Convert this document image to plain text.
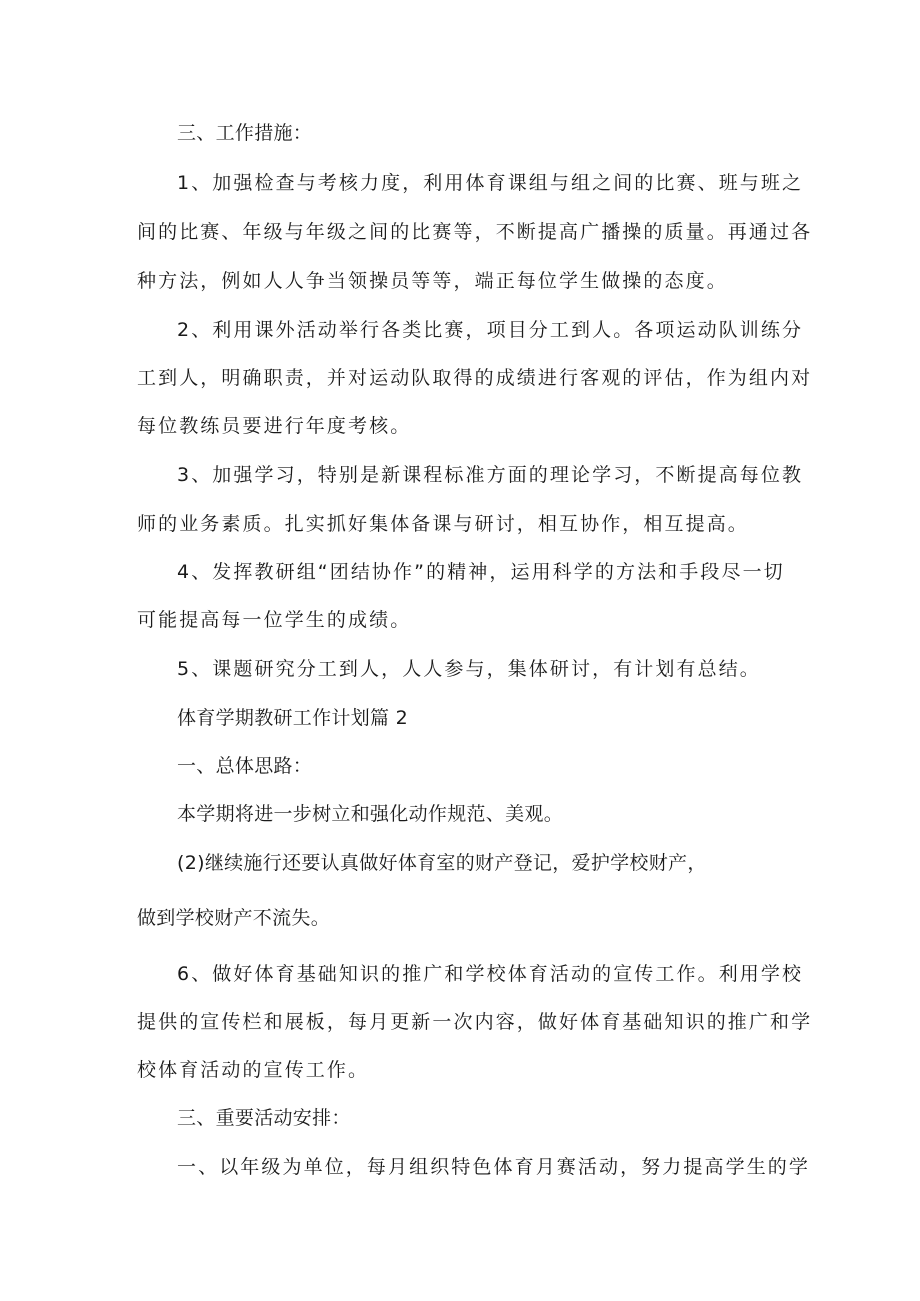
三、工作措施：
1、加强检查与考核力度，利用体育课组与组之间的比赛、班与班之
间的比赛、年级与年级之间的比赛等，不断提高广播操的质量。再通过各
种方法，例如人人争当领操员等等，端正每位学生做操的态度。
2、利用课外活动举行各类比赛，项目分工到人。各项运动队训练分
工到人，明确职责，并对运动队取得的成绩进行客观的评估，作为组内对
每位教练员要进行年度考核。
3、加强学习，特别是新课程标准方面的理论学习，不断提高每位教
师的业务素质。扎实抓好集体备课与研讨，相互协作，相互提高。
4、发挥教研组“团结协作”的精神，运用科学的方法和手段尽一切
可能提高每一位学生的成绩。
5、课题研究分工到人，人人参与，集体研讨，有计划有总结。
体育学期教研工作计划篇 2
一、总体思路：
本学期将进一步树立和强化动作规范、美观。
(2)继续施行还要认真做好体育室的财产登记，爱护学校财产，
做到学校财产不流失。
6、做好体育基础知识的推广和学校体育活动的宣传工作。利用学校
提供的宣传栏和展板，每月更新一次内容，做好体育基础知识的推广和学
校体育活动的宣传工作。
三、重要活动安排：
一、以年级为单位，每月组织特色体育月赛活动，努力提高学生的学
